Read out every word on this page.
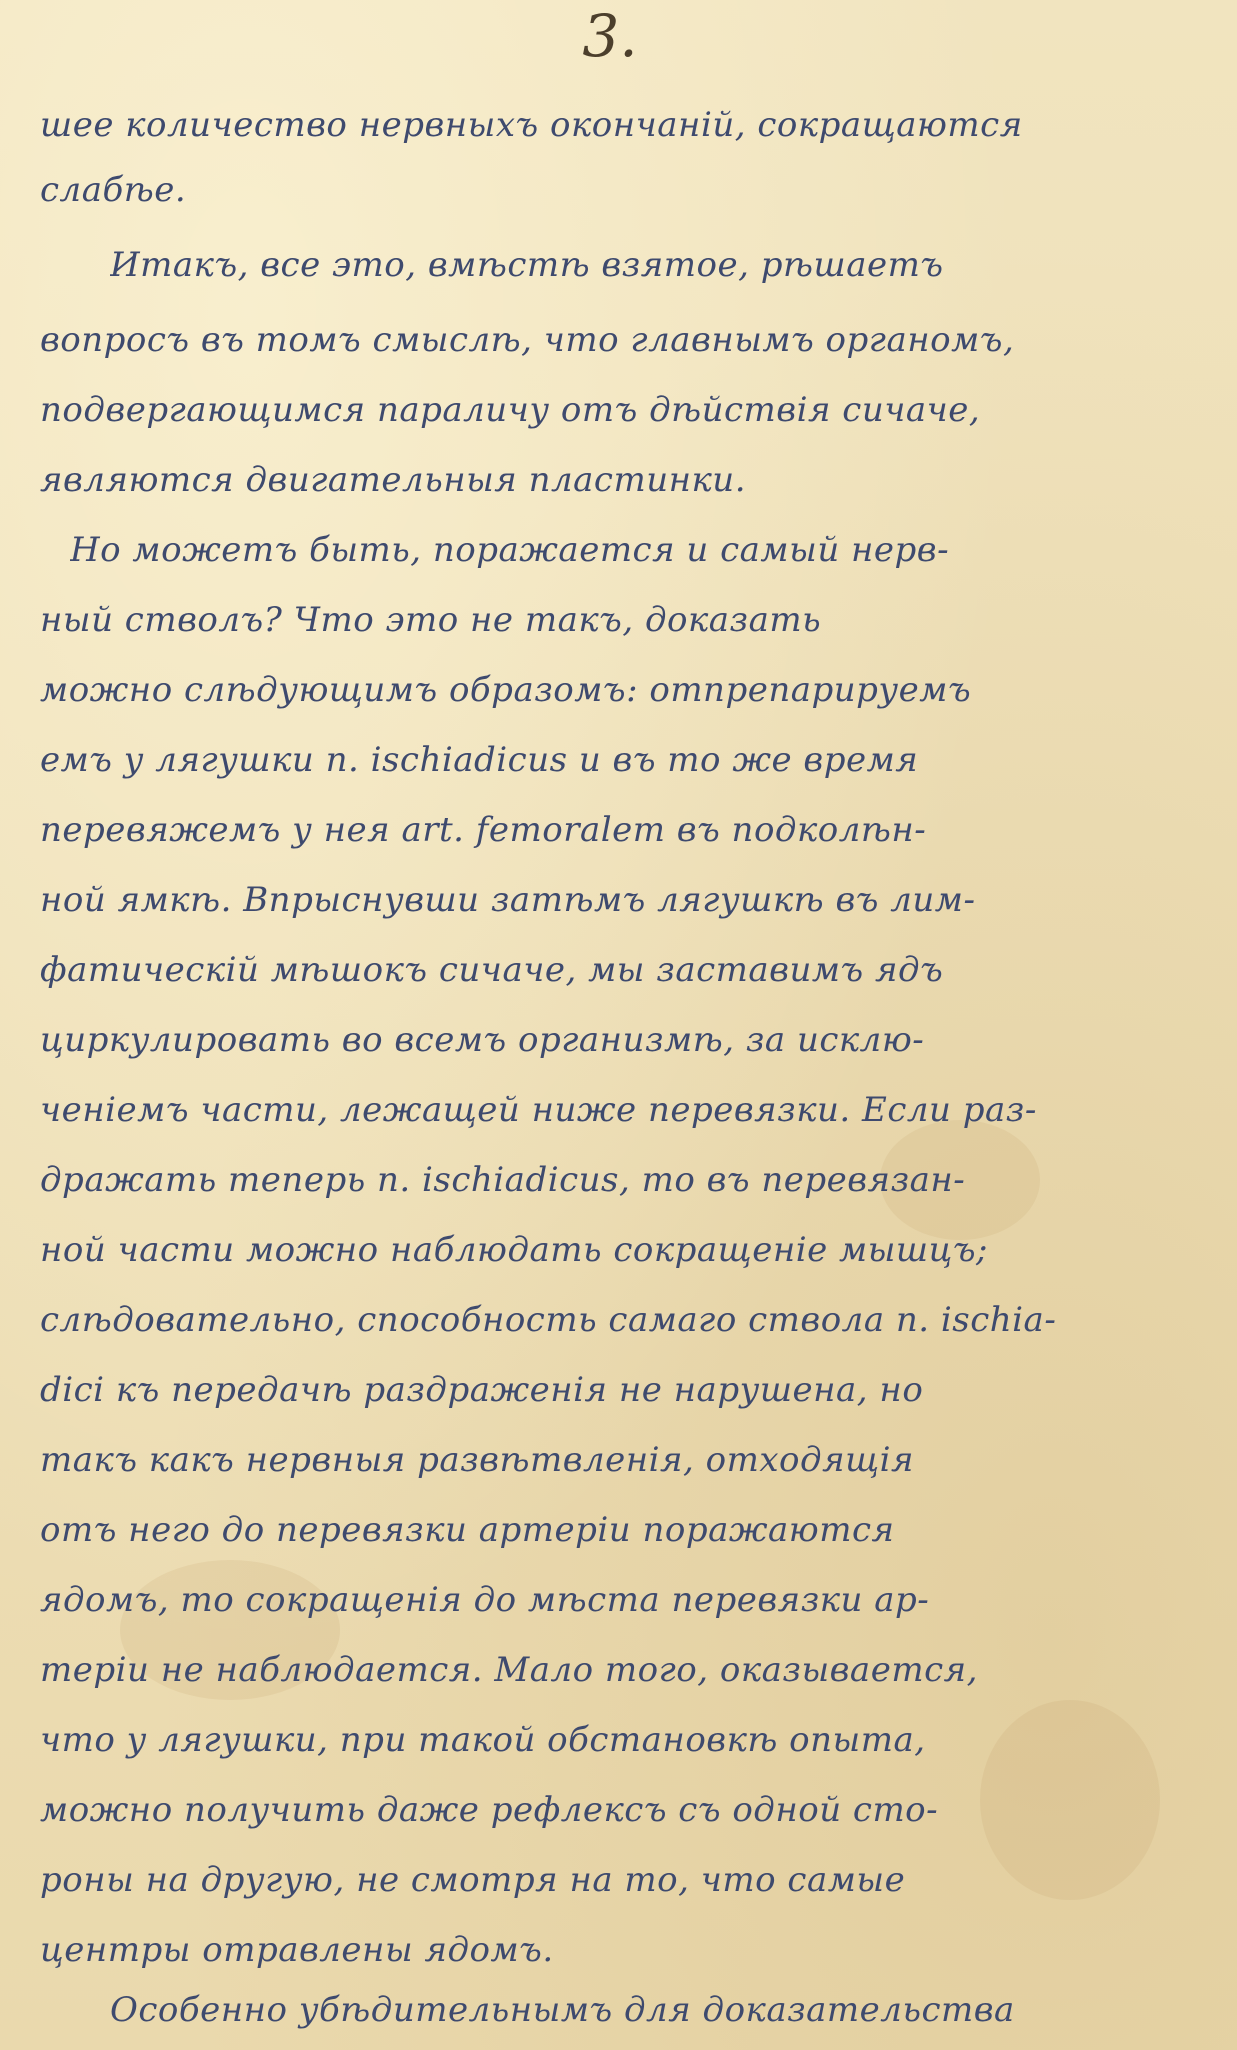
3.
шее количество нервныхъ окончаній, сокращаются
слабѣе.
Итакъ, все это, вмѣстѣ взятое, рѣшаетъ
вопросъ въ томъ смыслѣ, что главнымъ органомъ,
подвергающимся параличу отъ дѣйствія сичачe,
являются двигательныя пластинки.
Но можетъ быть, поражается и самый нерв-
ный стволъ? Что это не такъ, доказать
можно слѣдующимъ образомъ: отпрепарируемъ
емъ у лягушки n. ischiadicus и въ то же время
перевяжемъ у нея art. femoralem въ подколѣн-
ной ямкѣ. Впрыснувши затѣмъ лягушкѣ въ лим-
фатическій мѣшокъ сичачe, мы заставимъ ядъ
циркулировать во всемъ организмѣ, за исклю-
ченіемъ части, лежащей ниже перевязки. Если раз-
дражать теперь n. ischiadicus, то въ перевязан-
ной части можно наблюдать сокращеніе мышцъ;
слѣдовательно, способность самаго ствола n. ischia-
dici къ передачѣ раздраженія не нарушена, но
такъ какъ нервныя развѣтвленія, отходящія
отъ него до перевязки артеріи поражаются
ядомъ, то сокращенія до мѣста перевязки ар-
теріи не наблюдается. Мало того, оказывается,
что у лягушки, при такой обстановкѣ опыта,
можно получить даже рефлексъ съ одной сто-
роны на другую, не смотря на то, что самые
центры отравлены ядомъ.
Особенно убѣдительнымъ для доказательства
